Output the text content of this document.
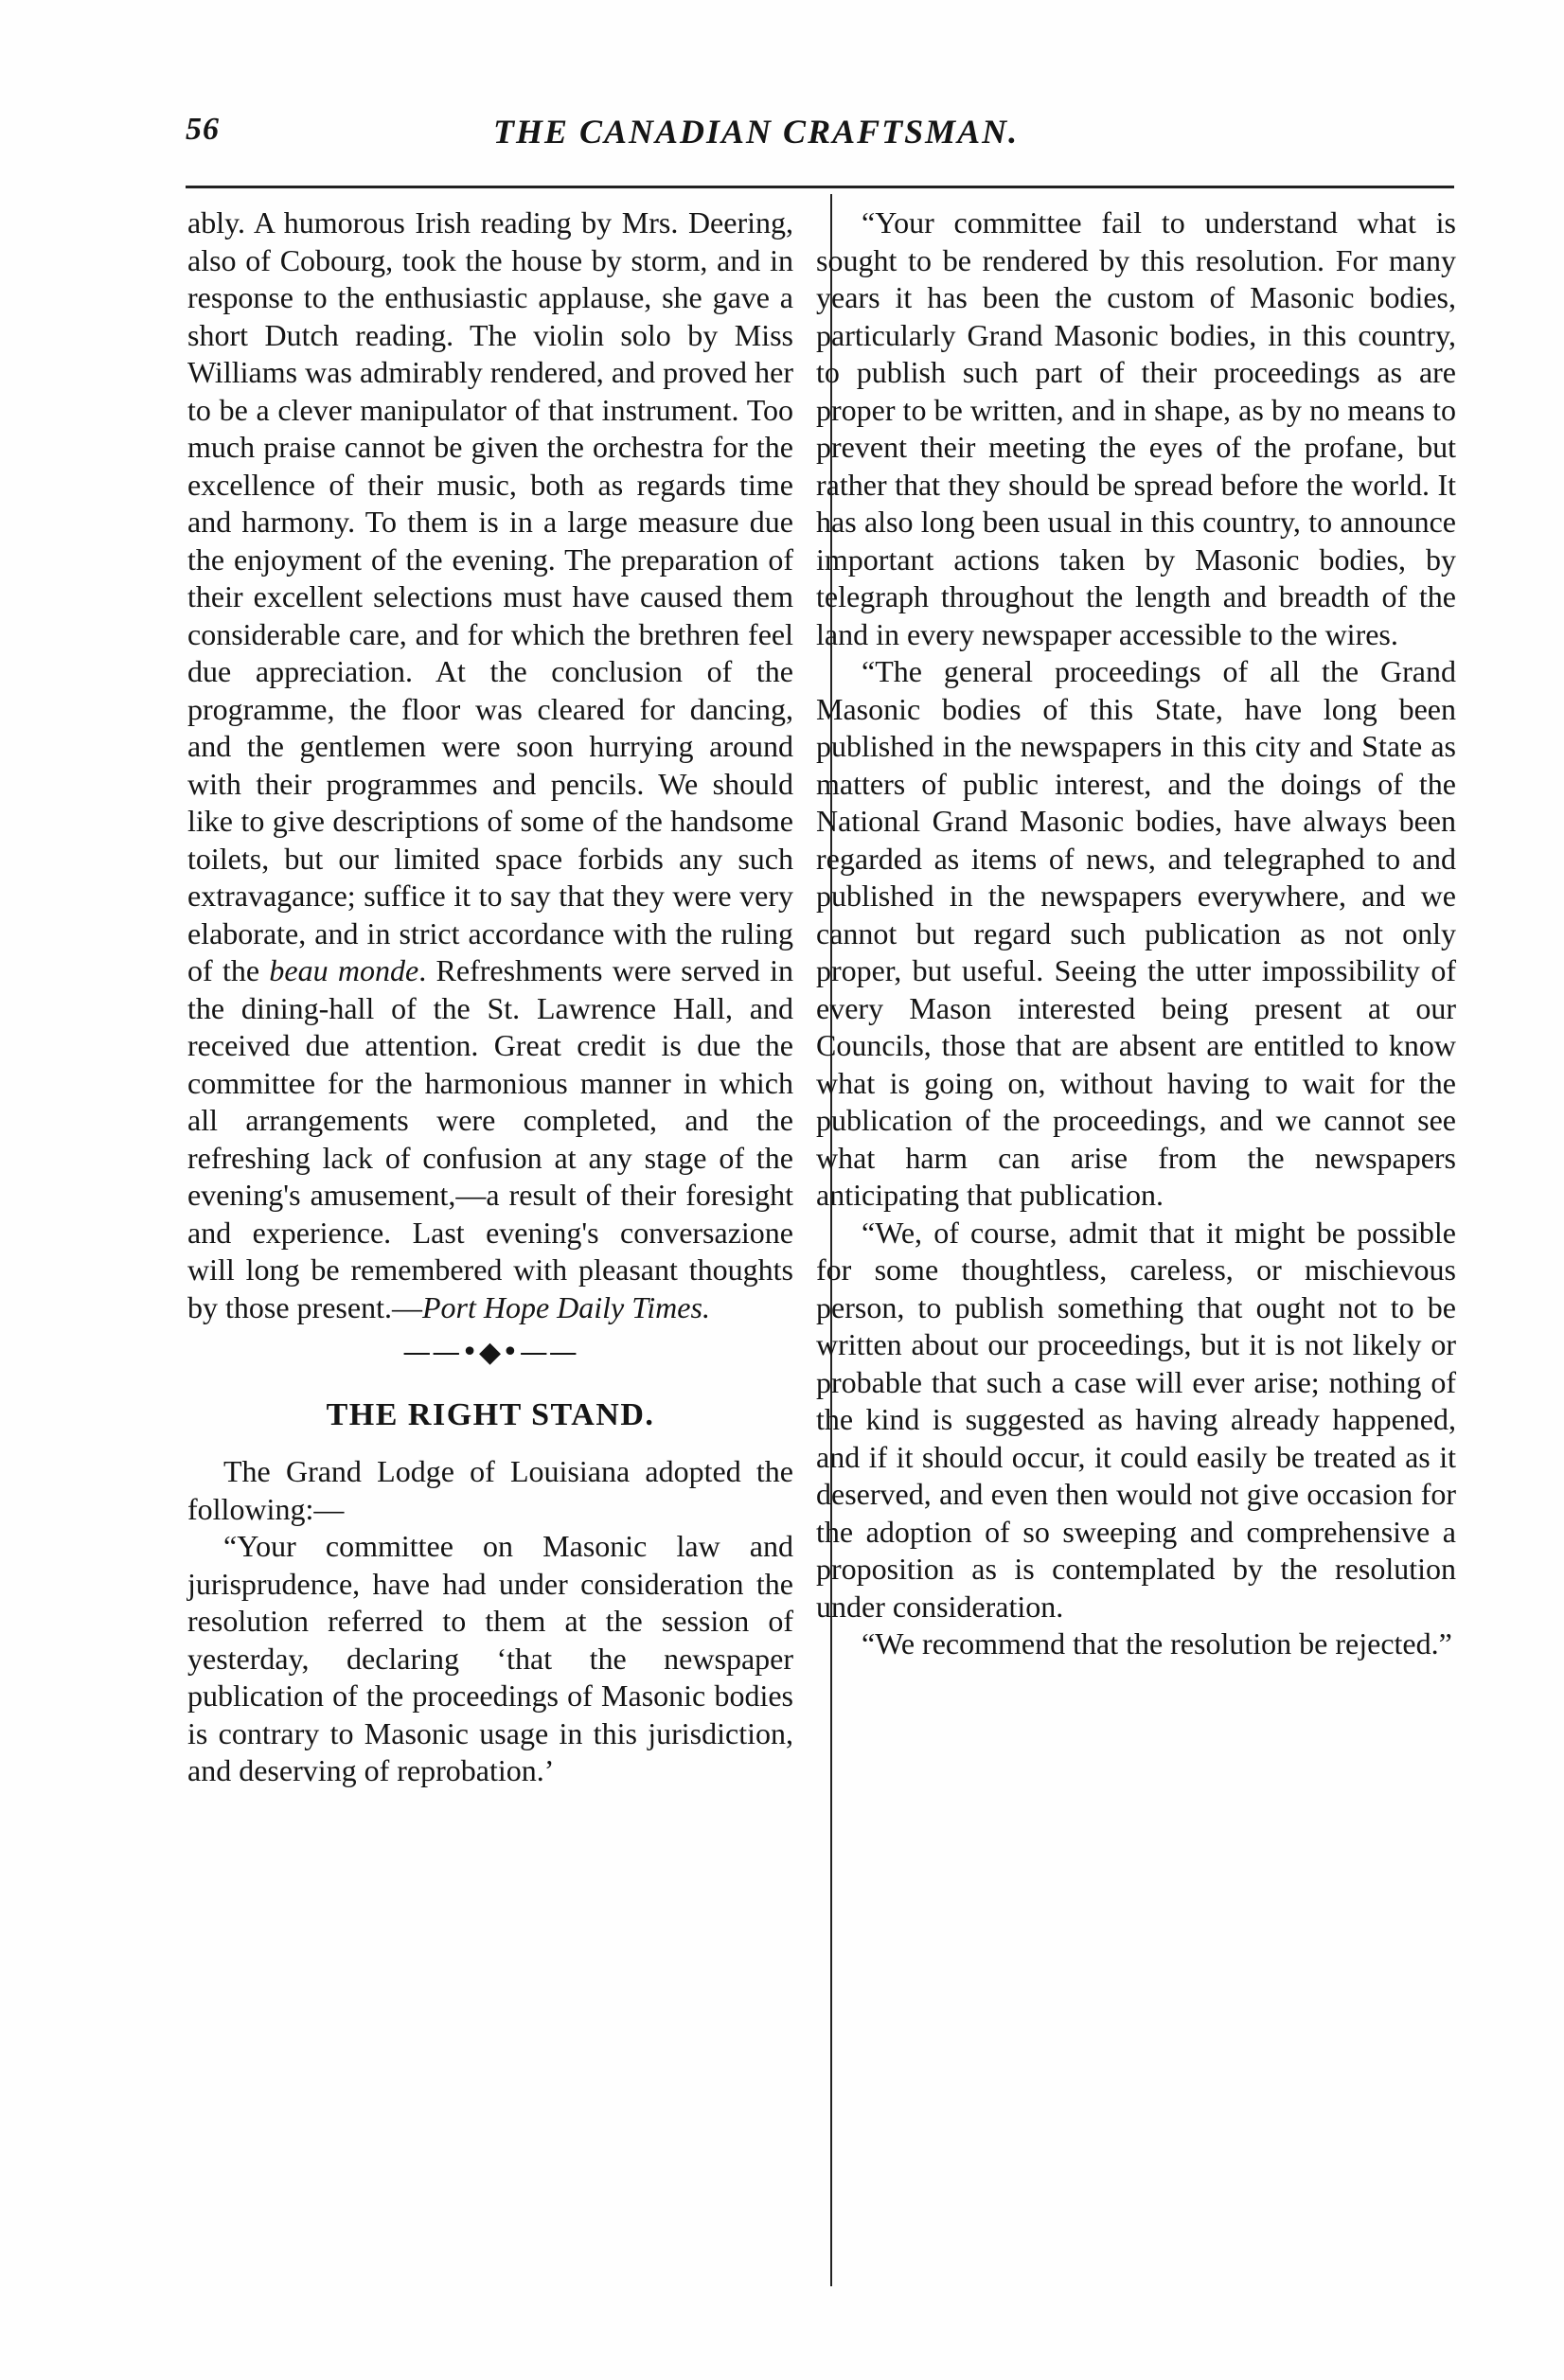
56	THE CANADIAN CRAFTSMAN.

ably. A humorous Irish reading by Mrs. Deering, also of Cobourg, took the house by storm, and in response to the enthusiastic applause, she gave a short Dutch reading. The violin solo by Miss Williams was admirably rendered, and proved her to be a clever manipulator of that instrument. Too much praise cannot be given the orchestra for the excellence of their music, both as regards time and harmony. To them is in a large measure due the enjoyment of the evening. The preparation of their excellent selections must have caused them considerable care, and for which the brethren feel due appreciation. At the conclusion of the programme, the floor was cleared for dancing, and the gentlemen were soon hurrying around with their programmes and pencils. We should like to give descriptions of some of the handsome toilets, but our limited space forbids any such extravagance; suffice it to say that they were very elaborate, and in strict accordance with the ruling of the beau monde. Refreshments were served in the dining-hall of the St. Lawrence Hall, and received due attention. Great credit is due the committee for the harmonious manner in which all arrangements were completed, and the refreshing lack of confusion at any stage of the evening's amusement,—a result of their foresight and experience. Last evening's conversazione will long be remembered with pleasant thoughts by those present.—Port Hope Daily Times.

——•◆•——
THE RIGHT STAND.

The Grand Lodge of Louisiana adopted the following:—

“Your committee on Masonic law and jurisprudence, have had under consideration the resolution referred to them at the session of yesterday, declaring ‘that the newspaper publication of the proceedings of Masonic bodies is contrary to Masonic usage in this jurisdiction, and deserving of reprobation.’

“Your committee fail to understand what is sought to be rendered by this resolution. For many years it has been the custom of Masonic bodies, particularly Grand Masonic bodies, in this country, to publish such part of their proceedings as are proper to be written, and in shape, as by no means to prevent their meeting the eyes of the profane, but rather that they should be spread before the world. It has also long been usual in this country, to announce important actions taken by Masonic bodies, by telegraph throughout the length and breadth of the land in every newspaper accessible to the wires.

“The general proceedings of all the Grand Masonic bodies of this State, have long been published in the newspapers in this city and State as matters of public interest, and the doings of the National Grand Masonic bodies, have always been regarded as items of news, and telegraphed to and published in the newspapers everywhere, and we cannot but regard such publication as not only proper, but useful. Seeing the utter impossibility of every Mason interested being present at our Councils, those that are absent are entitled to know what is going on, without having to wait for the publication of the proceedings, and we cannot see what harm can arise from the newspapers anticipating that publication.

“We, of course, admit that it might be possible for some thoughtless, careless, or mischievous person, to publish something that ought not to be written about our proceedings, but it is not likely or probable that such a case will ever arise; nothing of the kind is suggested as having already happened, and if it should occur, it could easily be treated as it deserved, and even then would not give occasion for the adoption of so sweeping and comprehensive a proposition as is contemplated by the resolution under consideration.

“We recommend that the resolution be rejected.”
